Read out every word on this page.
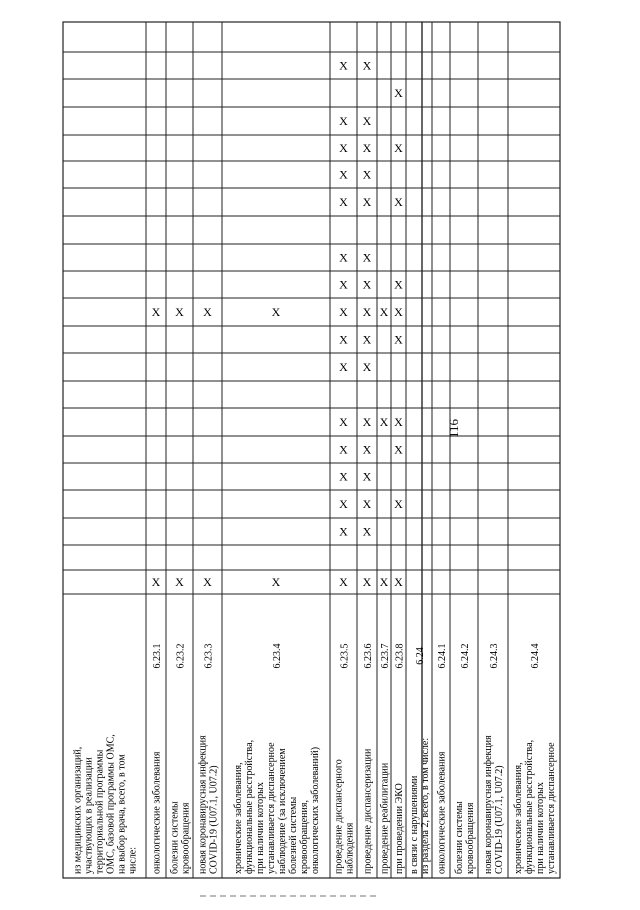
из медицинских организаций, участвующих в реализации территориальной программы ОМС, базовой программы ОМС, на выбор врача, всего, в том числе: онкологические заболевания
6.23.1
X
X
болезни системы кровообращения
6.23.2
X
X
новая коронавирусная инфекция COVID-19 (U07.1, U07.2)
6.23.3
X
X
хронические заболевания, функциональные расстройства, при наличии которых устанавливается диспансерное наблюдение (за исключением болезней системы кровообращения, онкологических заболеваний)
6.23.4
X
X
проведение диспансерного наблюдения
6.23.5
X
X
X
X
X
X
X
X
X
X
X
X
X
X
X
X
проведение диспансеризации
6.23.6
X
X
X
X
X
X
X
X
X
X
X
X
X
X
X
X
проведение реабилитации
6.23.7
X
X
X
при проведении ЭКО
6.23.8
X
X
X
X
X
X
X
X
X
X
в связи с нарушениями из раздела 2, всего, в том числе:
6.24
онкологические заболевания
6.24.1
болезни системы кровообращения
6.24.2
новая коронавирусная инфекция COVID-19 (U07.1, U07.2)
6.24.3
хронические заболевания, функциональные расстройства, при наличии которых устанавливается диспансерное
6.24.4
116
